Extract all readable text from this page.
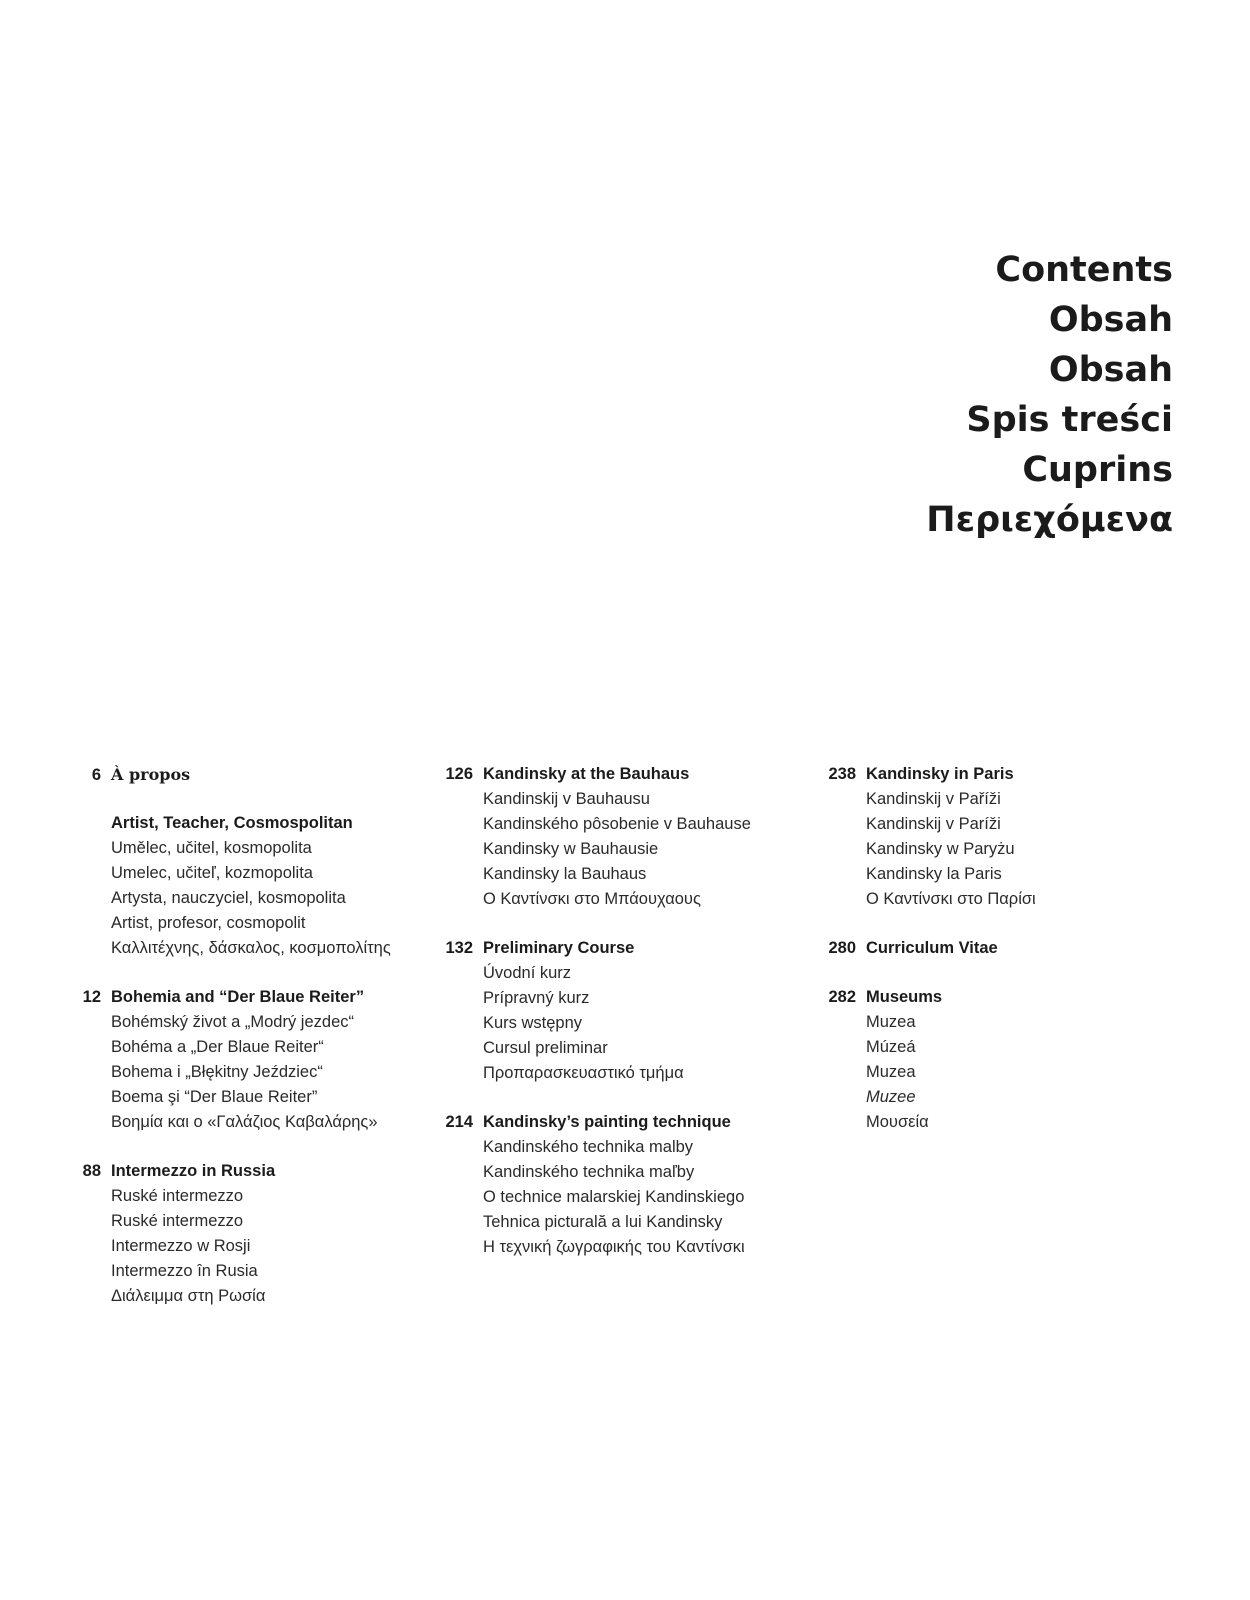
Contents
Obsah
Obsah
Spis treści
Cuprins
Περιεχόμενα
6 À propos
Artist, Teacher, Cosmospolitan
Umělec, učitel, kosmopolita
Umelec, učiteľ, kozmopolita
Artysta, nauczyciel, kosmopolita
Artist, profesor, cosmopolit
Καλλιτέχνης, δάσκαλος, κοσμοπολίτης
12 Bohemia and “Der Blaue Reiter”
Bohémský život a „Modrý jezdec“
Bohéma a „Der Blaue Reiter“
Bohema i „Błękitny Jeździec“
Boema şi “Der Blaue Reiter”
Βοημία και ο «Γαλάζιος Καβαλάρης»
88 Intermezzo in Russia
Ruské intermezzo
Ruské intermezzo
Intermezzo w Rosji
Intermezzo în Rusia
Διάλειμμα στη Ρωσία
126 Kandinsky at the Bauhaus
Kandinskij v Bauhausu
Kandinského pôsobenie v Bauhause
Kandinsky w Bauhausie
Kandinsky la Bauhaus
Ο Καντίνσκι στο Μπάουχαους
132 Preliminary Course
Úvodní kurz
Prípravný kurz
Kurs wstępny
Cursul preliminar
Προπαρασκευαστικό τμήμα
214 Kandinsky’s painting technique
Kandinského technika malby
Kandinského technika maľby
O technice malarskiej Kandinskiego
Tehnica picturală a lui Kandinsky
Η τεχνική ζωγραφικής του Καντίνσκι
238 Kandinsky in Paris
Kandinskij v Paříži
Kandinskij v Paríži
Kandinsky w Paryżu
Kandinsky la Paris
Ο Καντίνσκι στο Παρίσι
280 Curriculum Vitae
282 Museums
Muzea
Múzeá
Muzea
Muzee
Μουσεία
